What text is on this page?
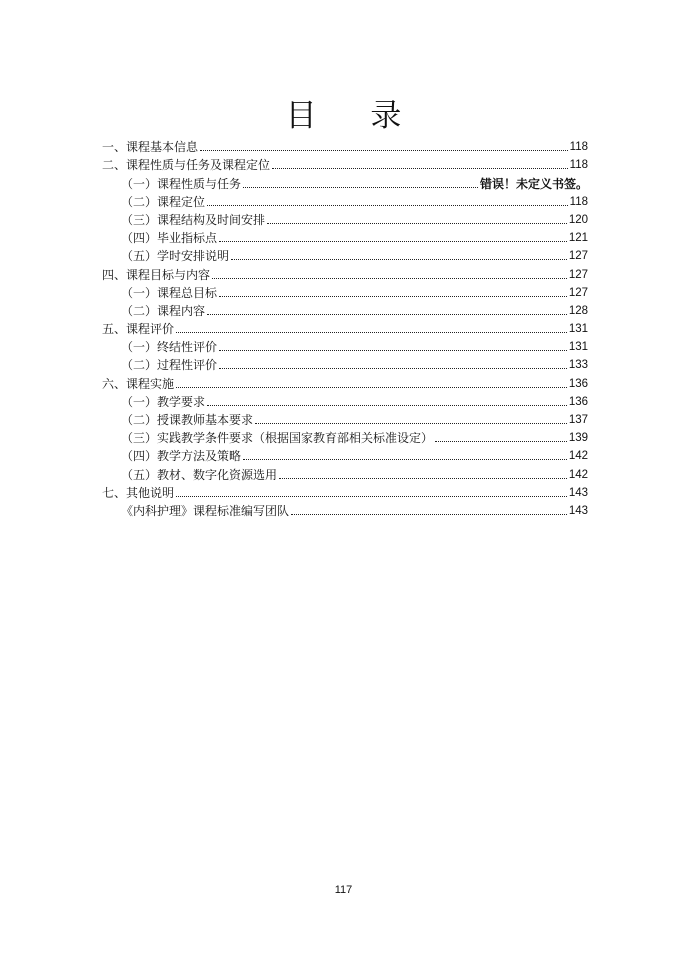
目 录
一、课程基本信息	118
二、课程性质与任务及课程定位	118
（一）课程性质与任务	错误！未定义书签。
（二）课程定位	118
（三）课程结构及时间安排	120
（四）毕业指标点	121
（五）学时安排说明	127
四、课程目标与内容	127
（一）课程总目标	127
（二）课程内容	128
五、课程评价	131
（一）终结性评价	131
（二）过程性评价	133
六、课程实施	136
（一）教学要求	136
（二）授课教师基本要求	137
（三）实践教学条件要求（根据国家教育部相关标准设定）	139
（四）教学方法及策略	142
（五）教材、数字化资源选用	142
七、其他说明	143
《内科护理》课程标准编写团队	143
117
